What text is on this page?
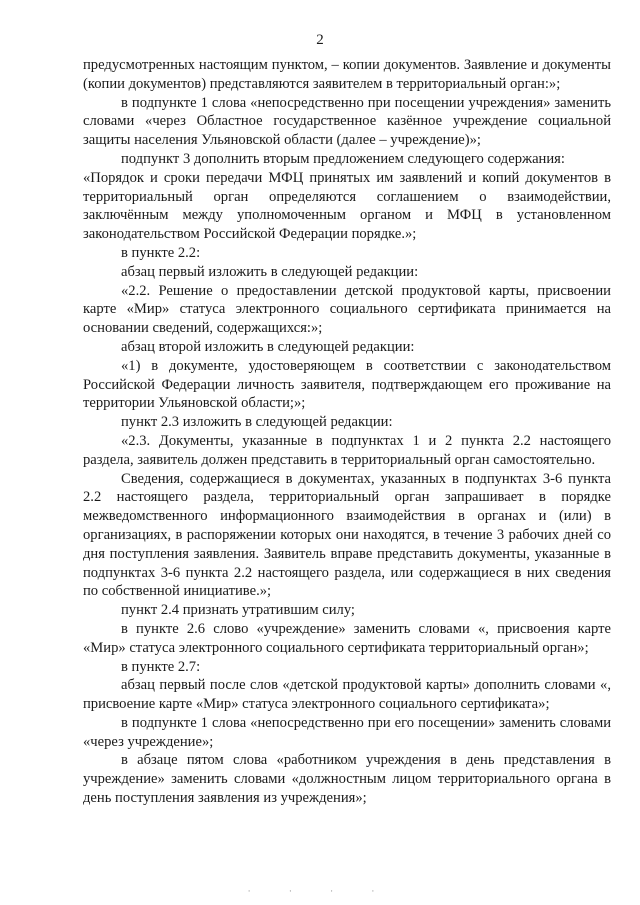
2

предусмотренных настоящим пунктом, – копии документов. Заявление и документы (копии документов) представляются заявителем в территориальный орган:»;

в подпункте 1 слова «непосредственно при посещении учреждения» заменить словами «через Областное государственное казённое учреждение социальной защиты населения Ульяновской области (далее – учреждение)»;

подпункт 3 дополнить вторым предложением следующего содержания:

«Порядок и сроки передачи МФЦ принятых им заявлений и копий документов в территориальный орган определяются соглашением о взаимодействии, заключённым между уполномоченным органом и МФЦ в установленном законодательством Российской Федерации порядке.»;

в пункте 2.2:

абзац первый изложить в следующей редакции:

«2.2. Решение о предоставлении детской продуктовой карты, присвоении карте «Мир» статуса электронного социального сертификата принимается на основании сведений, содержащихся:»;

абзац второй изложить в следующей редакции:

«1) в документе, удостоверяющем в соответствии с законодательством Российской Федерации личность заявителя, подтверждающем его проживание на территории Ульяновской области;»;

пункт 2.3 изложить в следующей редакции:

«2.3. Документы, указанные в подпунктах 1 и 2 пункта 2.2 настоящего раздела, заявитель должен представить в территориальный орган самостоятельно.

Сведения, содержащиеся в документах, указанных в подпунктах 3-6 пункта 2.2 настоящего раздела, территориальный орган запрашивает в порядке межведомственного информационного взаимодействия в органах и (или) в организациях, в распоряжении которых они находятся, в течение 3 рабочих дней со дня поступления заявления. Заявитель вправе представить документы, указанные в подпунктах 3-6 пункта 2.2 настоящего раздела, или содержащиеся в них сведения по собственной инициативе.»;

пункт 2.4 признать утратившим силу;

в пункте 2.6 слово «учреждение» заменить словами «, присвоения карте «Мир» статуса электронного социального сертификата территориальный орган»;

в пункте 2.7:

абзац первый после слов «детской продуктовой карты» дополнить словами «, присвоение карте «Мир» статуса электронного социального сертификата»;

в подпункте 1 слова «непосредственно при его посещении» заменить словами «через учреждение»;

в абзаце пятом слова «работником учреждения в день представления в учреждение» заменить словами «должностным лицом территориального органа в день поступления заявления из учреждения»;

· · · ·
